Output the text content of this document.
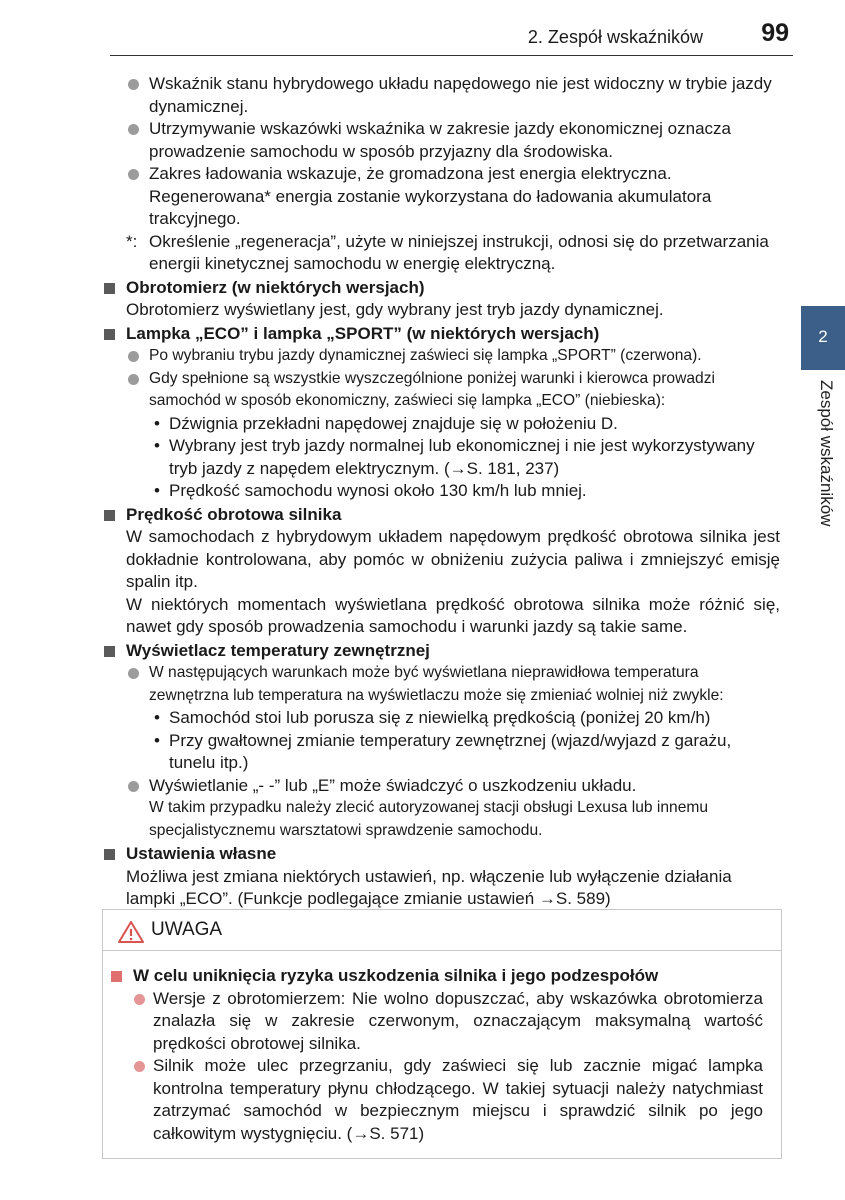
2. Zespół wskaźników 99
2
Zespół wskaźników
Wskaźnik stanu hybrydowego układu napędowego nie jest widoczny w trybie jazdy dynamicznej.
Utrzymywanie wskazówki wskaźnika w zakresie jazdy ekonomicznej oznacza prowadzenie samochodu w sposób przyjazny dla środowiska.
Zakres ładowania wskazuje, że gromadzona jest energia elektryczna. Regenerowana* energia zostanie wykorzystana do ładowania akumulatora trakcyjnego.
*: Określenie „regeneracja”, użyte w niniejszej instrukcji, odnosi się do przetwarzania energii kinetycznej samochodu w energię elektryczną.
Obrotomierz (w niektórych wersjach)
Obrotomierz wyświetlany jest, gdy wybrany jest tryb jazdy dynamicznej.
Lampka „ECO” i lampka „SPORT” (w niektórych wersjach)
Po wybraniu trybu jazdy dynamicznej zaświeci się lampka „SPORT” (czerwona).
Gdy spełnione są wszystkie wyszczególnione poniżej warunki i kierowca prowadzi samochód w sposób ekonomiczny, zaświeci się lampka „ECO” (niebieska):
• Dźwignia przekładni napędowej znajduje się w położeniu D.
• Wybrany jest tryb jazdy normalnej lub ekonomicznej i nie jest wykorzystywany tryb jazdy z napędem elektrycznym. (→S. 181, 237)
• Prędkość samochodu wynosi około 130 km/h lub mniej.
Prędkość obrotowa silnika
W samochodach z hybrydowym układem napędowym prędkość obrotowa silnika jest dokładnie kontrolowana, aby pomóc w obniżeniu zużycia paliwa i zmniejszyć emisję spalin itp.
W niektórych momentach wyświetlana prędkość obrotowa silnika może różnić się, nawet gdy sposób prowadzenia samochodu i warunki jazdy są takie same.
Wyświetlacz temperatury zewnętrznej
W następujących warunkach może być wyświetlana nieprawidłowa temperatura zewnętrzna lub temperatura na wyświetlaczu może się zmieniać wolniej niż zwykle:
• Samochód stoi lub porusza się z niewielką prędkością (poniżej 20 km/h)
• Przy gwałtownej zmianie temperatury zewnętrznej (wjazd/wyjazd z garażu, tunelu itp.)
Wyświetlanie „- -” lub „E” może świadczyć o uszkodzeniu układu.
W takim przypadku należy zlecić autoryzowanej stacji obsługi Lexusa lub innemu specjalistycznemu warsztatowi sprawdzenie samochodu.
Ustawienia własne
Możliwa jest zmiana niektórych ustawień, np. włączenie lub wyłączenie działania lampki „ECO”. (Funkcje podlegające zmianie ustawień →S. 589)
UWAGA
W celu uniknięcia ryzyka uszkodzenia silnika i jego podzespołów
Wersje z obrotomierzem: Nie wolno dopuszczać, aby wskazówka obrotomierza znalazła się w zakresie czerwonym, oznaczającym maksymalną wartość prędkości obrotowej silnika.
Silnik może ulec przegrzaniu, gdy zaświeci się lub zacznie migać lampka kontrolna temperatury płynu chłodzącego. W takiej sytuacji należy natychmiast zatrzymać samochód w bezpiecznym miejscu i sprawdzić silnik po jego całkowitym wystygnięciu. (→S. 571)
